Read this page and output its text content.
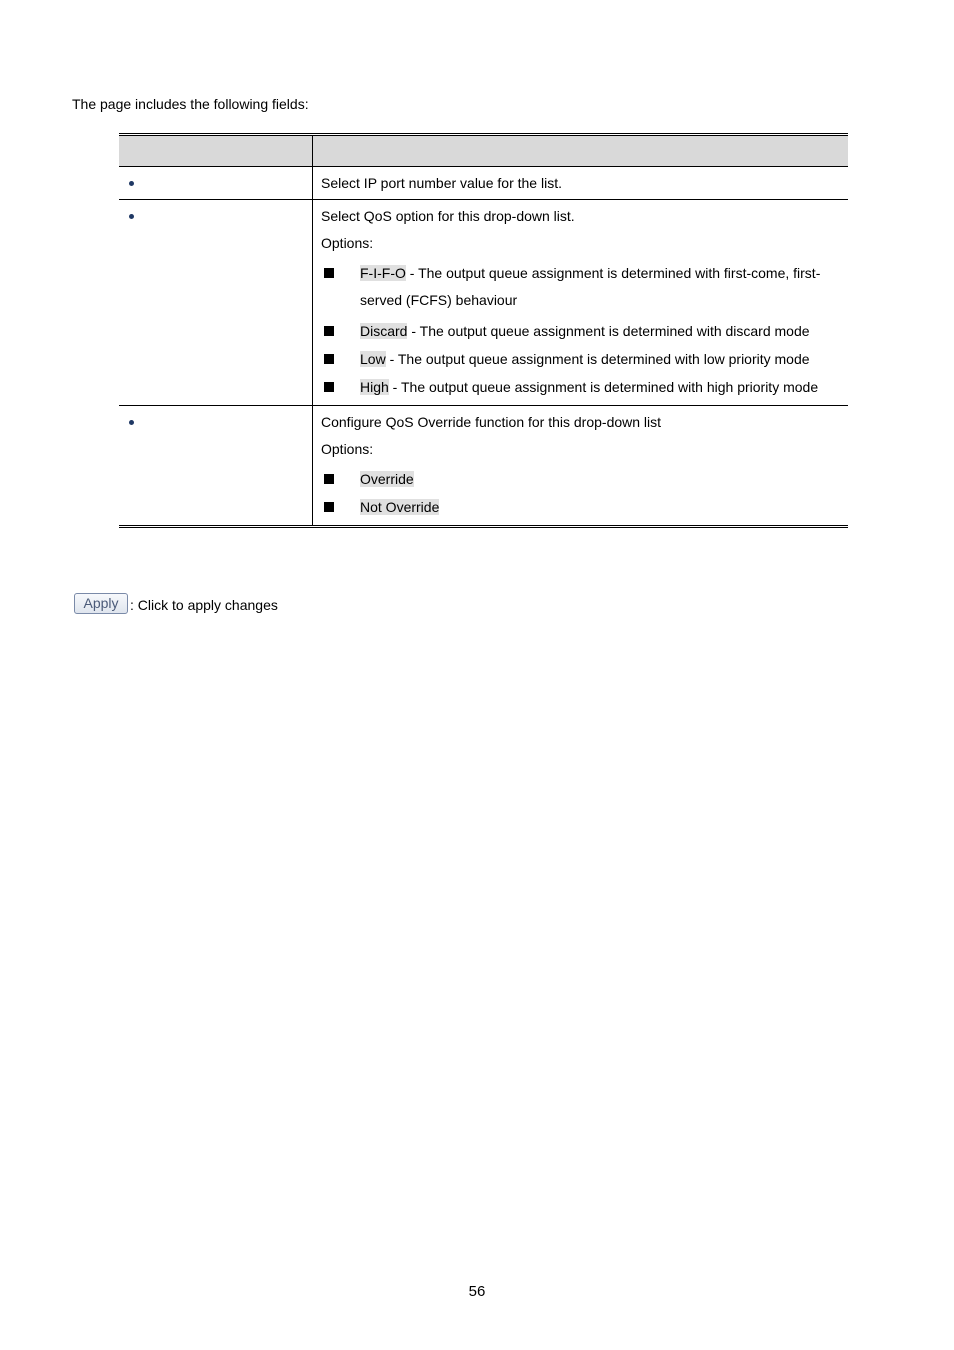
The page includes the following fields:
Select IP port number value for the list.
Select QoS option for this drop-down list.
Options:
F-I-F-O - The output queue assignment is determined with first-come, first-served (FCFS) behaviour
Discard - The output queue assignment is determined with discard mode
Low - The output queue assignment is determined with low priority mode
High - The output queue assignment is determined with high priority mode
Configure QoS Override function for this drop-down list
Options:
Override
Not Override
Apply : Click to apply changes
56
